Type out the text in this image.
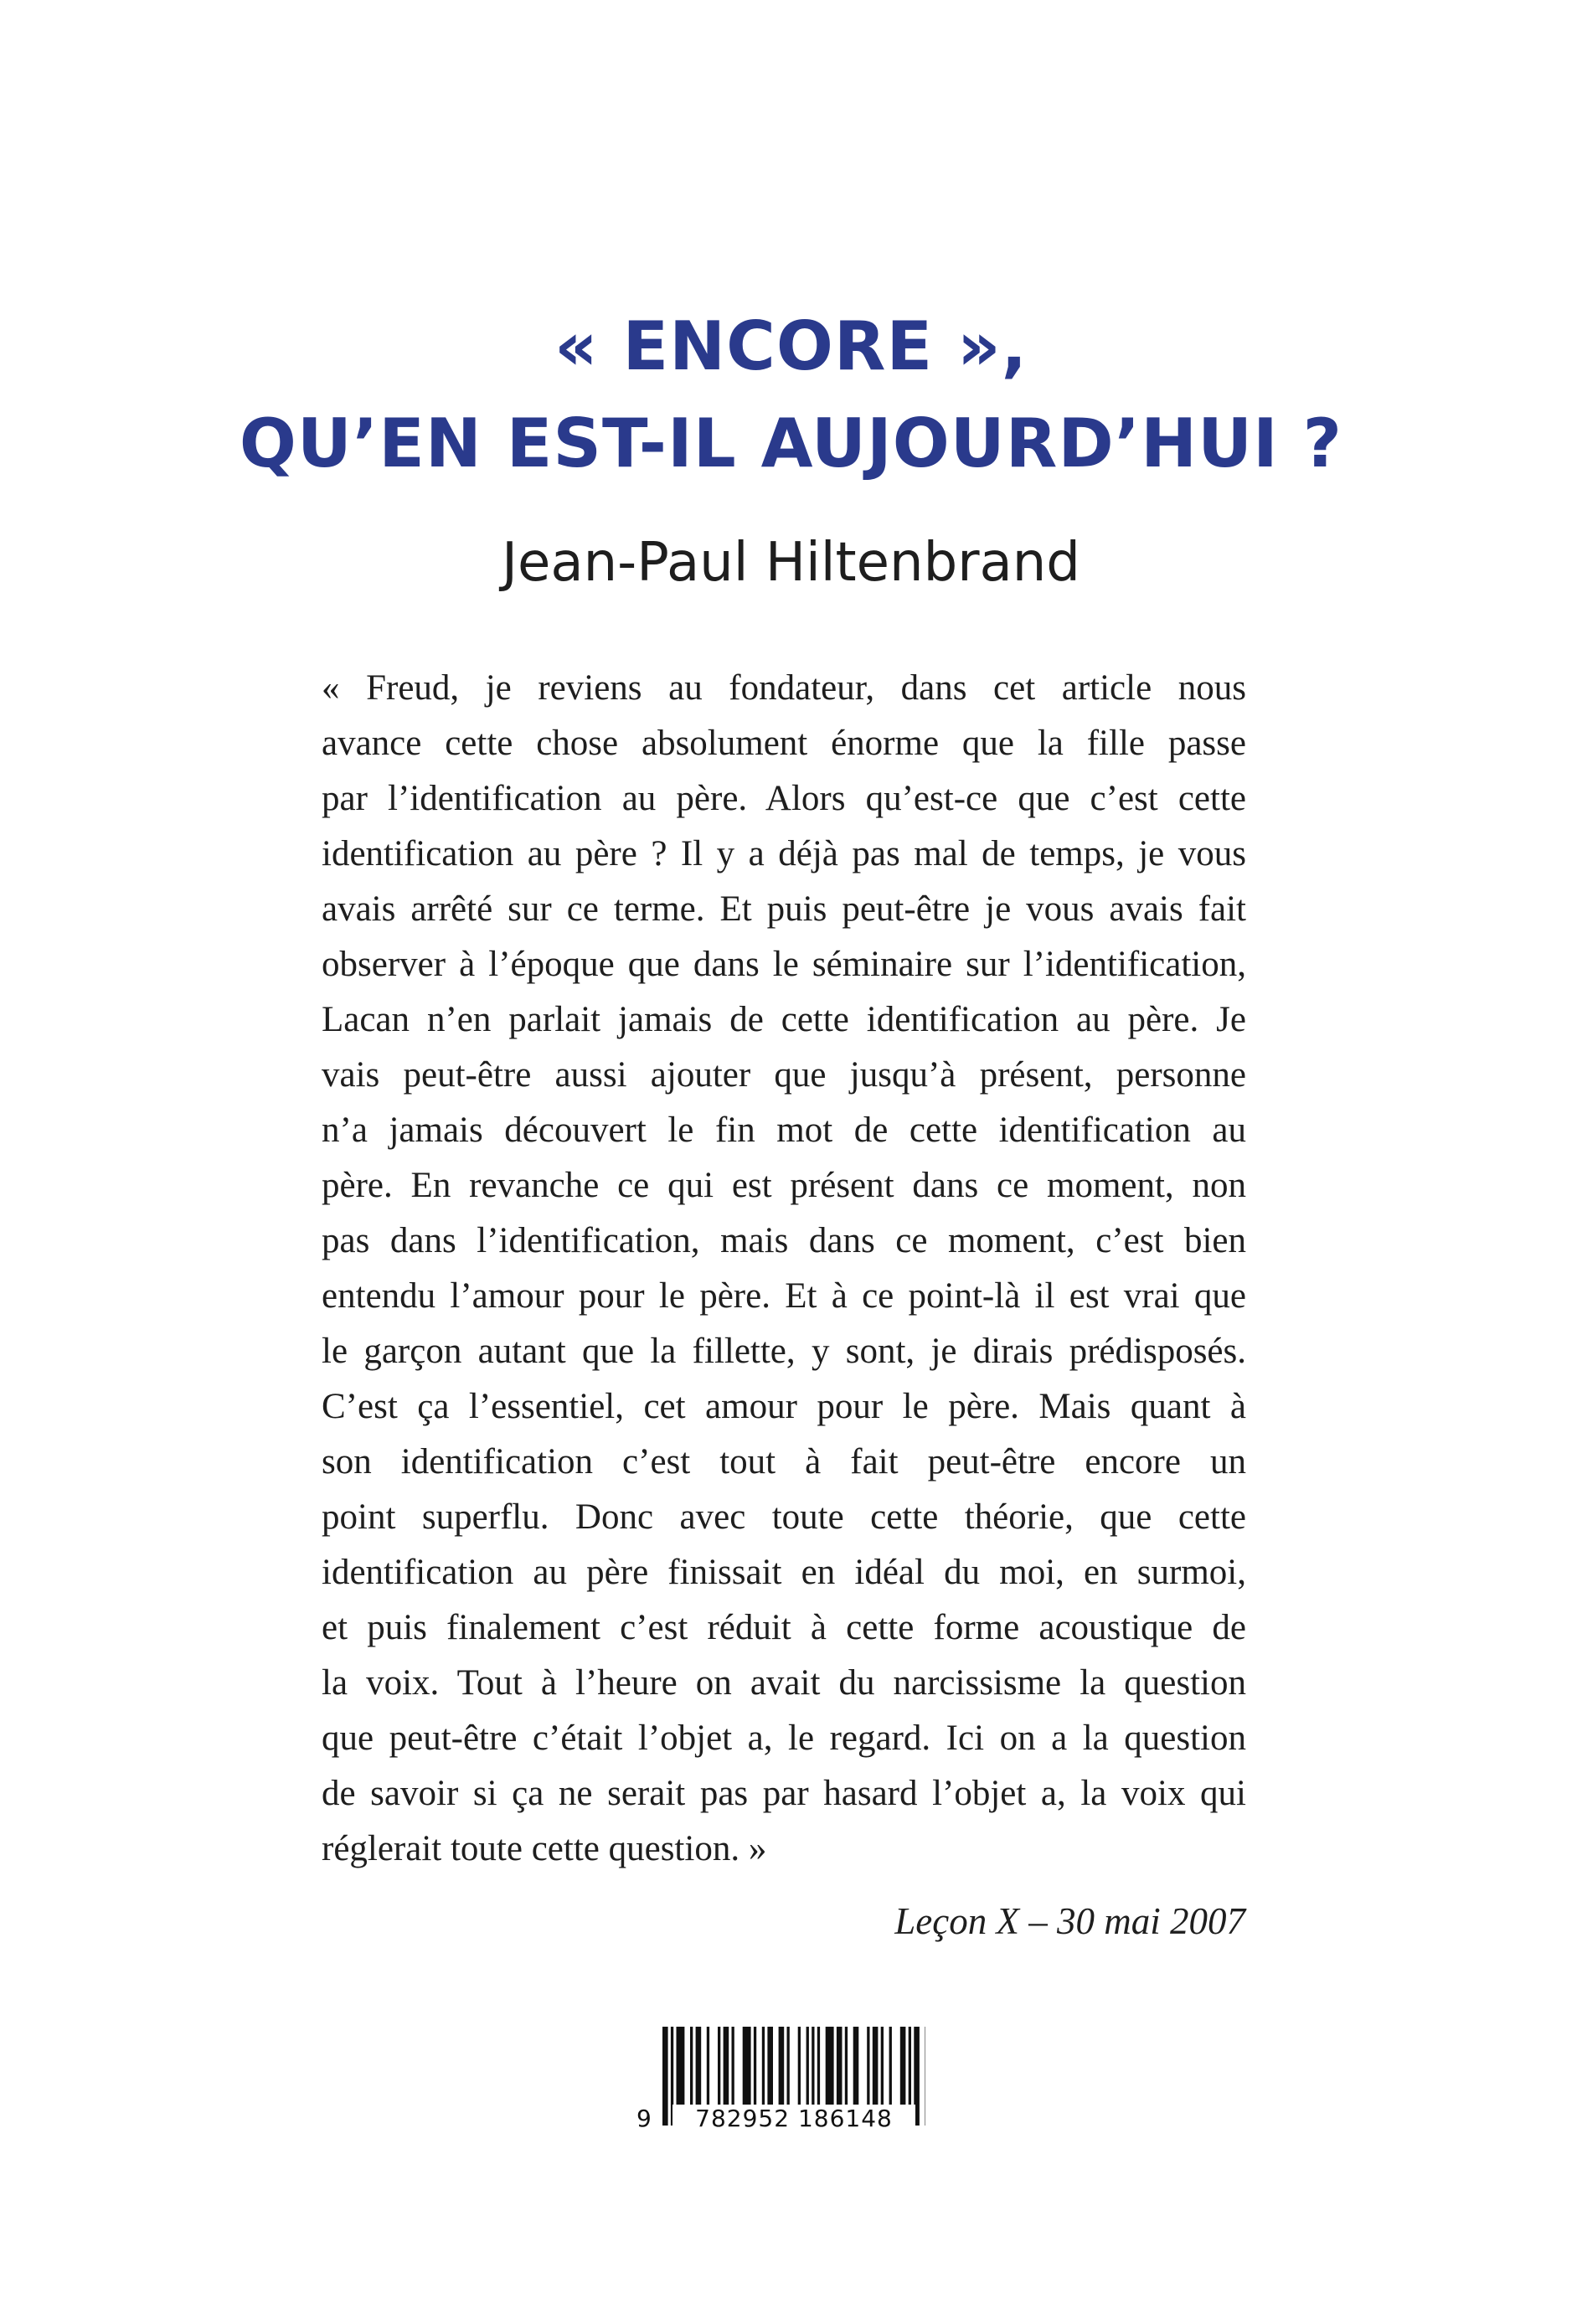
« ENCORE »,
QU’EN EST-IL AUJOURD’HUI ?
Jean-Paul Hiltenbrand
« Freud, je reviens au fondateur, dans cet article nous
avance cette chose absolument énorme que la fille passe
par l’identification au père. Alors qu’est-ce que c’est cette
identification au père ? Il y a déjà pas mal de temps, je vous
avais arrêté sur ce terme. Et puis peut-être je vous avais fait
observer à l’époque que dans le séminaire sur l’identification,
Lacan n’en parlait jamais de cette identification au père. Je
vais peut-être aussi ajouter que jusqu’à présent, personne
n’a jamais découvert le fin mot de cette identification au
père. En revanche ce qui est présent dans ce moment, non
pas dans l’identification, mais dans ce moment, c’est bien
entendu l’amour pour le père. Et à ce point-là il est vrai que
le garçon autant que la fillette, y sont, je dirais prédisposés.
C’est ça l’essentiel, cet amour pour le père. Mais quant à
son identification c’est tout à fait peut-être encore un
point superflu. Donc avec toute cette théorie, que cette
identification au père finissait en idéal du moi, en surmoi,
et puis finalement c’est réduit à cette forme acoustique de
la voix. Tout à l’heure on avait du narcissisme la question
que peut-être c’était l’objet a, le regard. Ici on a la question
de savoir si ça ne serait pas par hasard l’objet a, la voix qui
réglerait toute cette question. »
Leçon X – 30 mai 2007
9	782952 186148
